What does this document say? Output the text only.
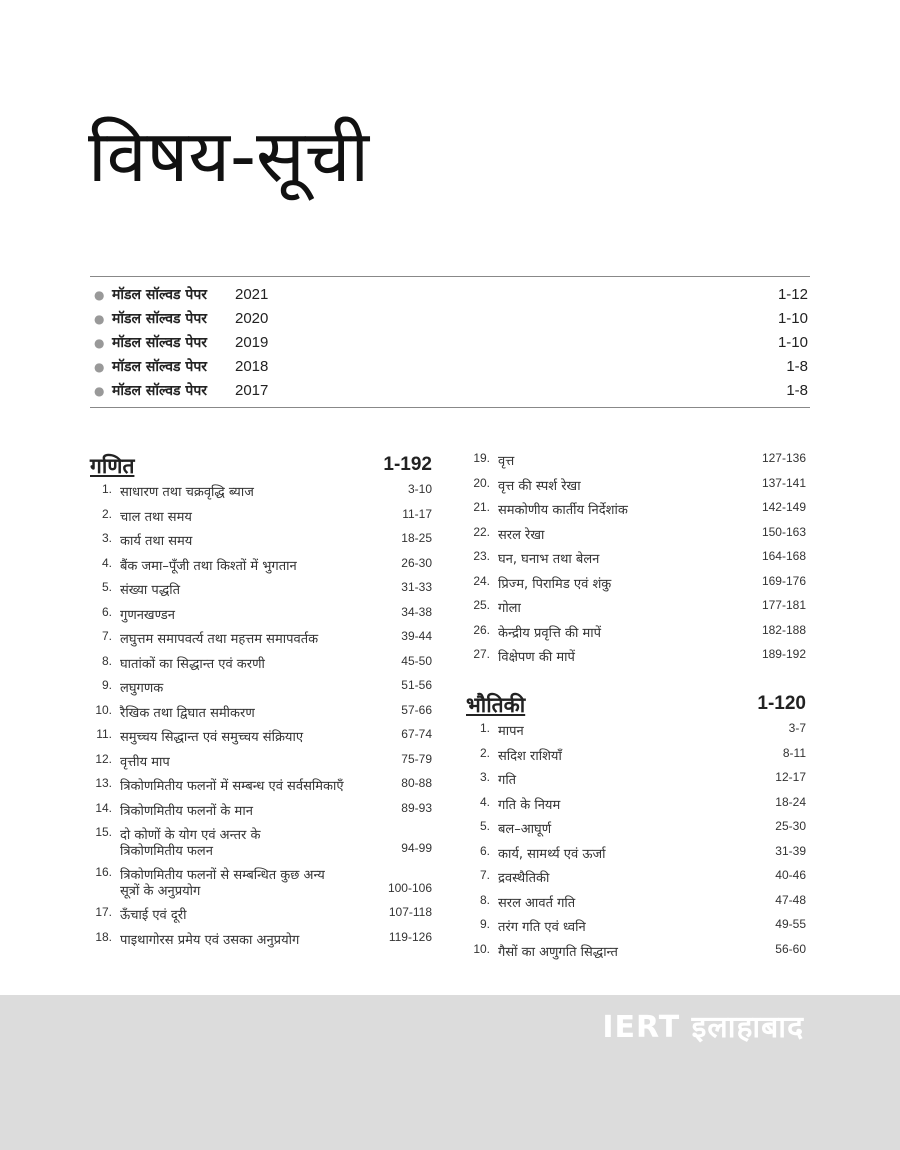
विषय-सूची
● मॉडल सॉल्वड पेपर 2021	1-12
● मॉडल सॉल्वड पेपर 2020	1-10
● मॉडल सॉल्वड पेपर 2019	1-10
● मॉडल सॉल्वड पेपर 2018	1-8
● मॉडल सॉल्वड पेपर 2017	1-8
गणित	1-192
1. साधारण तथा चक्रवृद्धि ब्याज	3-10
2. चाल तथा समय	11-17
3. कार्य तथा समय	18-25
4. बैंक जमा–पूँजी तथा किश्तों में भुगतान	26-30
5. संख्या पद्धति	31-33
6. गुणनखण्डन	34-38
7. लघुत्तम समापवर्त्य तथा महत्तम समापवर्तक	39-44
8. घातांकों का सिद्धान्त एवं करणी	45-50
9. लघुगणक	51-56
10. रैखिक तथा द्विघात समीकरण	57-66
11. समुच्चय सिद्धान्त एवं समुच्चय संक्रियाए	67-74
12. वृत्तीय माप	75-79
13. त्रिकोणमितीय फलनों में सम्बन्ध एवं सर्वसमिकाएँ	80-88
14. त्रिकोणमितीय फलनों के मान	89-93
15. दो कोणों के योग एवं अन्तर के
त्रिकोणमितीय फलन	94-99
16. त्रिकोणमितीय फलनों से सम्बन्धित कुछ अन्य
सूत्रों के अनुप्रयोग	100-106
17. ऊँचाई एवं दूरी	107-118
18. पाइथागोरस प्रमेय एवं उसका अनुप्रयोग	119-126
19. वृत्त	127-136
20. वृत्त की स्पर्श रेखा	137-141
21. समकोणीय कार्तीय निर्देशांक	142-149
22. सरल रेखा	150-163
23. घन, घनाभ तथा बेलन	164-168
24. प्रिज्म, पिरामिड एवं शंकु	169-176
25. गोला	177-181
26. केन्द्रीय प्रवृत्ति की मापें	182-188
27. विक्षेपण की मापें	189-192
भौतिकी	1-120
1. मापन	3-7
2. सदिश राशियाँ	8-11
3. गति	12-17
4. गति के नियम	18-24
5. बल–आघूर्ण	25-30
6. कार्य, सामर्थ्य एवं ऊर्जा	31-39
7. द्रवस्थैतिकी	40-46
8. सरल आवर्त गति	47-48
9. तरंग गति एवं ध्वनि	49-55
10. गैसों का अणुगति सिद्धान्त	56-60
IERT इलाहाबाद
